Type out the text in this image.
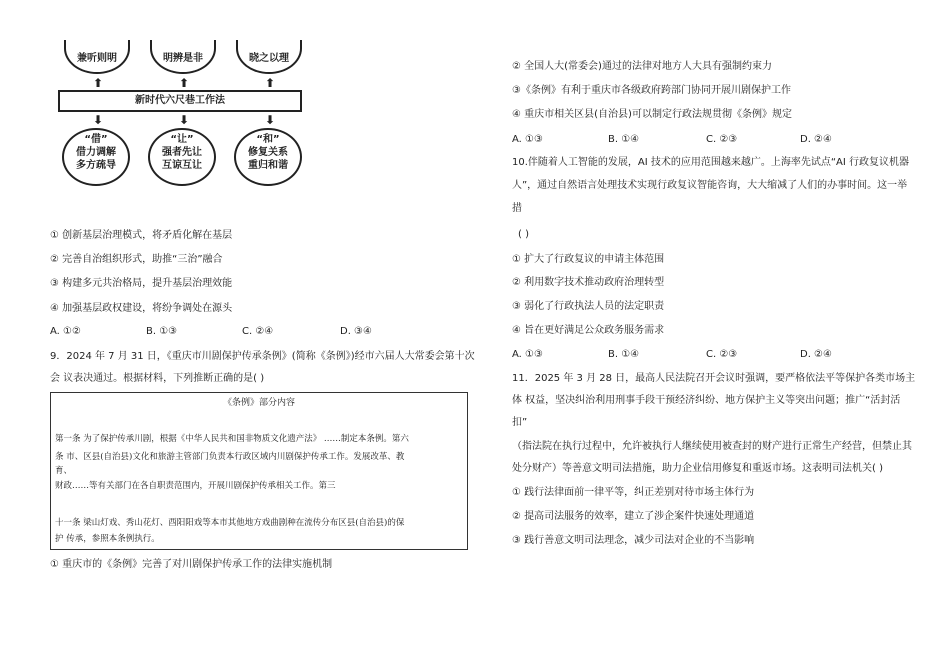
兼听则明	明辨是非	晓之以理
⬆	⬆	⬆
新时代六尺巷工作法
⬇	⬇	⬇
“借”
借力调解
多方疏导
“让”
强者先让
互谅互让
“和”
修复关系
重归和谐
① 创新基层治理模式，将矛盾化解在基层
② 完善自治组织形式，助推“三治”融合
③ 构建多元共治格局，提升基层治理效能
④ 加强基层政权建设，将纷争调处在源头
A. ①②	B. ①③	C. ②④	D. ③④
9．2024 年 7 月 31 日，《重庆市川剧保护传承条例》(简称《条例》)经市六届人大常委会第十次
会 议表决通过。根据材料，下列推断正确的是( )
《条例》部分内容
第一条 为了保护传承川剧，根据《中华人民共和国非物质文化遗产法》 ……制定本条例。第六
条 市、区县(自治县)文化和旅游主管部门负责本行政区域内川剧保护传承工作。发展改革、教
育、
财政……等有关部门在各自职责范围内，开展川剧保护传承相关工作。第三
十一条 梁山灯戏、秀山花灯、酉阳阳戏等本市其他地方戏曲剧种在流传分布区县(自治县)的保
护 传承，参照本条例执行。
① 重庆市的《条例》完善了对川剧保护传承工作的法律实施机制
② 全国人大(常委会)通过的法律对地方人大具有强制约束力
③《条例》有利于重庆市各级政府跨部门协同开展川剧保护工作
④ 重庆市相关区县(自治县)可以制定行政法规贯彻《条例》规定
A. ①③	B. ①④	C. ②③	D. ②④
10.伴随着人工智能的发展，AI 技术的应用范围越来越广。上海率先试点“AI 行政复议机器
人”，通过自然语言处理技术实现行政复议智能咨询，大大缩减了人们的办事时间。这一举
措
( )
① 扩大了行政复议的申请主体范围
② 利用数字技术推动政府治理转型
③ 弱化了行政执法人员的法定职责
④ 旨在更好满足公众政务服务需求
A. ①③	B. ①④	C. ②③	D. ②④
11．2025 年 3 月 28 日，最高人民法院召开会议时强调，要严格依法平等保护各类市场主
体 权益，坚决纠治利用刑事手段干预经济纠纷、地方保护主义等突出问题；推广“活封活
扣”
（指法院在执行过程中，允许被执行人继续使用被查封的财产进行正常生产经营，但禁止其
处分财产）等善意文明司法措施，助力企业信用修复和重返市场。这表明司法机关( )
① 践行法律面前一律平等，纠正差别对待市场主体行为
② 提高司法服务的效率，建立了涉企案件快速处理通道
③ 践行善意文明司法理念，减少司法对企业的不当影响
